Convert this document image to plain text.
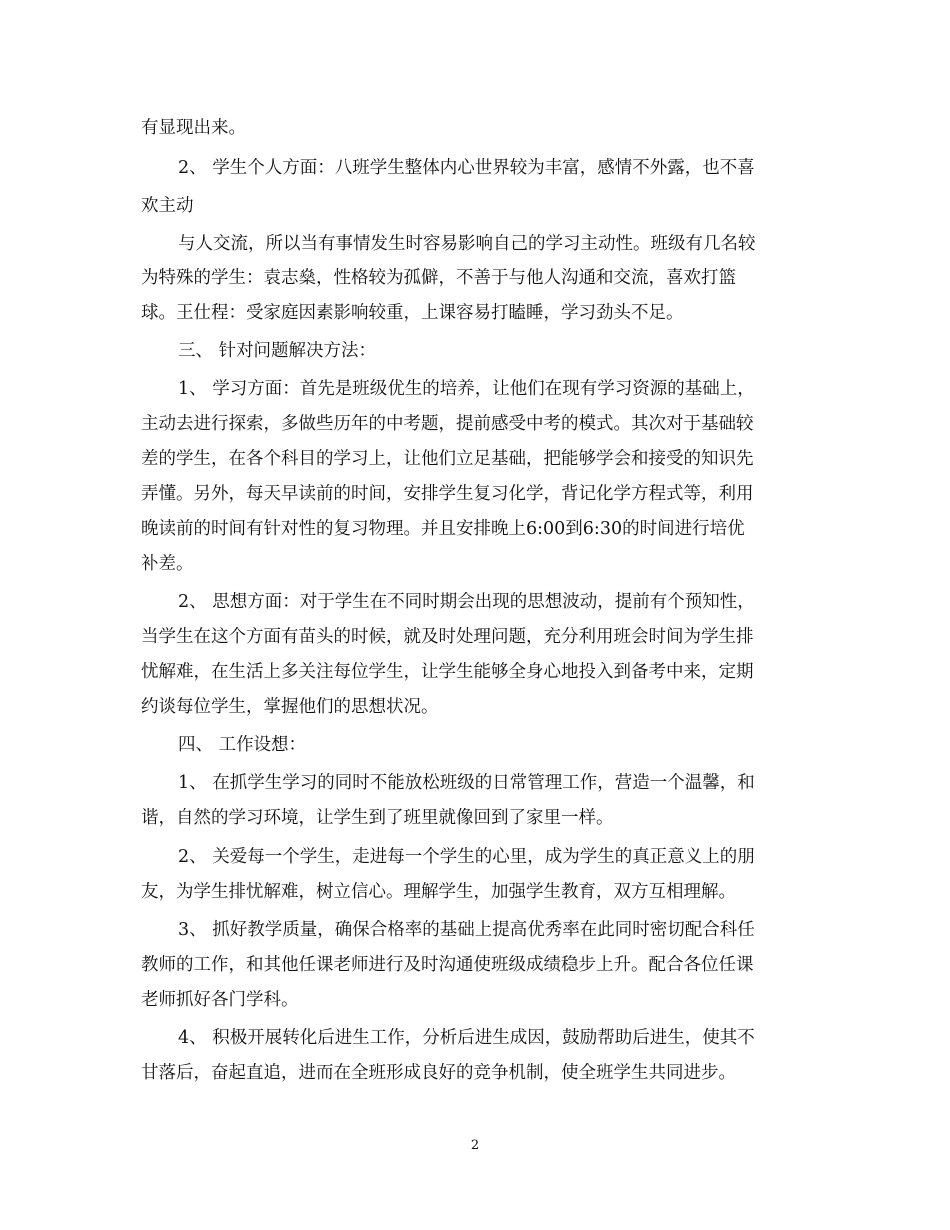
有显现出来。
2、 学生个人方面：八班学生整体内心世界较为丰富，感情不外露，也不喜
欢主动
与人交流，所以当有事情发生时容易影响自己的学习主动性。班级有几名较
为特殊的学生：袁志燊，性格较为孤僻，不善于与他人沟通和交流，喜欢打篮
球。王仕程：受家庭因素影响较重，上课容易打瞌睡，学习劲头不足。
三、 针对问题解决方法：
1、 学习方面：首先是班级优生的培养，让他们在现有学习资源的基础上，
主动去进行探索，多做些历年的中考题，提前感受中考的模式。其次对于基础较
差的学生，在各个科目的学习上，让他们立足基础，把能够学会和接受的知识先
弄懂。另外，每天早读前的时间，安排学生复习化学，背记化学方程式等，利用
晚读前的时间有针对性的复习物理。并且安排晚上6:00到6:30的时间进行培优
补差。
2、 思想方面：对于学生在不同时期会出现的思想波动，提前有个预知性，
当学生在这个方面有苗头的时候，就及时处理问题，充分利用班会时间为学生排
忧解难，在生活上多关注每位学生，让学生能够全身心地投入到备考中来，定期
约谈每位学生，掌握他们的思想状况。
四、 工作设想：
1、 在抓学生学习的同时不能放松班级的日常管理工作，营造一个温馨，和
谐，自然的学习环境，让学生到了班里就像回到了家里一样。
2、 关爱每一个学生，走进每一个学生的心里，成为学生的真正意义上的朋
友，为学生排忧解难，树立信心。理解学生，加强学生教育，双方互相理解。
3、 抓好教学质量，确保合格率的基础上提高优秀率在此同时密切配合科任
教师的工作，和其他任课老师进行及时沟通使班级成绩稳步上升。配合各位任课
老师抓好各门学科。
4、 积极开展转化后进生工作，分析后进生成因，鼓励帮助后进生，使其不
甘落后，奋起直追，进而在全班形成良好的竞争机制，使全班学生共同进步。
2
